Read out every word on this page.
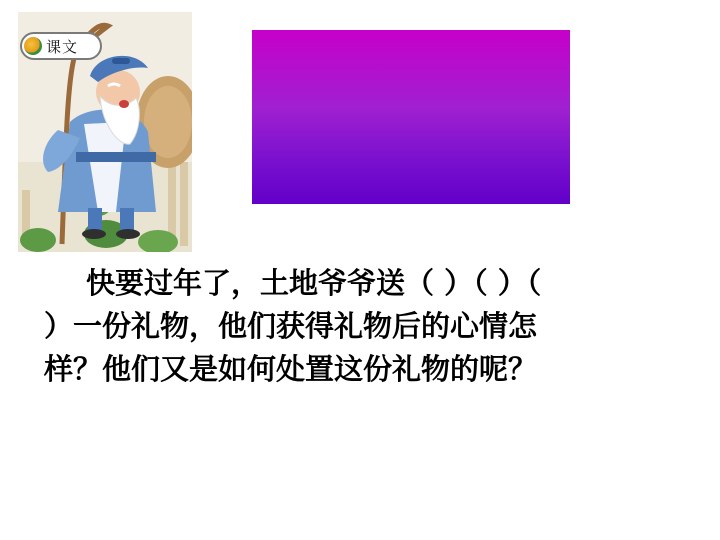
课文
快要过年了，土地爷爷送（ ）（ ）（
）一份礼物，他们获得礼物后的心情怎
样？他们又是如何处置这份礼物的呢？
